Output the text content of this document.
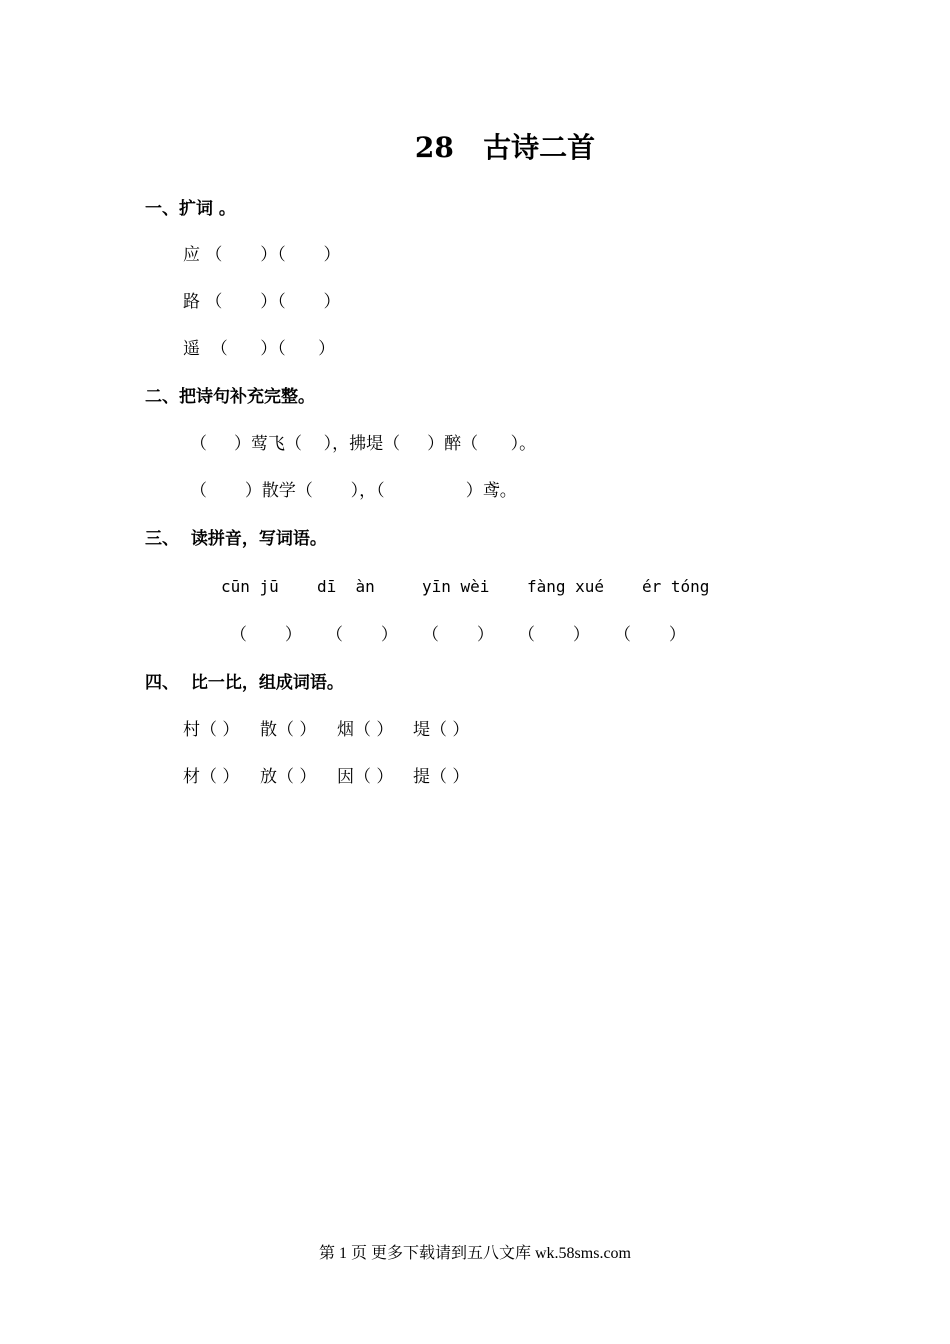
28   古诗二首
一、扩词 。
应 （       ）（       ）
路 （       ）（       ）
遥  （      ）（      ）
二、把诗句补充完整。
（     ）莺飞（    ），拂堤（     ）醉（      ）。
（       ）散学（       ），（               ）鸢。
三、  读拼音，写词语。
cūn jū dī  àn	yīn wèi fàng xué ér tóng
（       ） （       ） （       ） （       ） （       ）
四、  比一比，组成词语。
村（ ） 散（ ） 烟（ ） 堤（ ）
材（ ） 放（ ） 因（ ） 提（ ）
第 1 页 更多下载请到五八文库 wk.58sms.com
